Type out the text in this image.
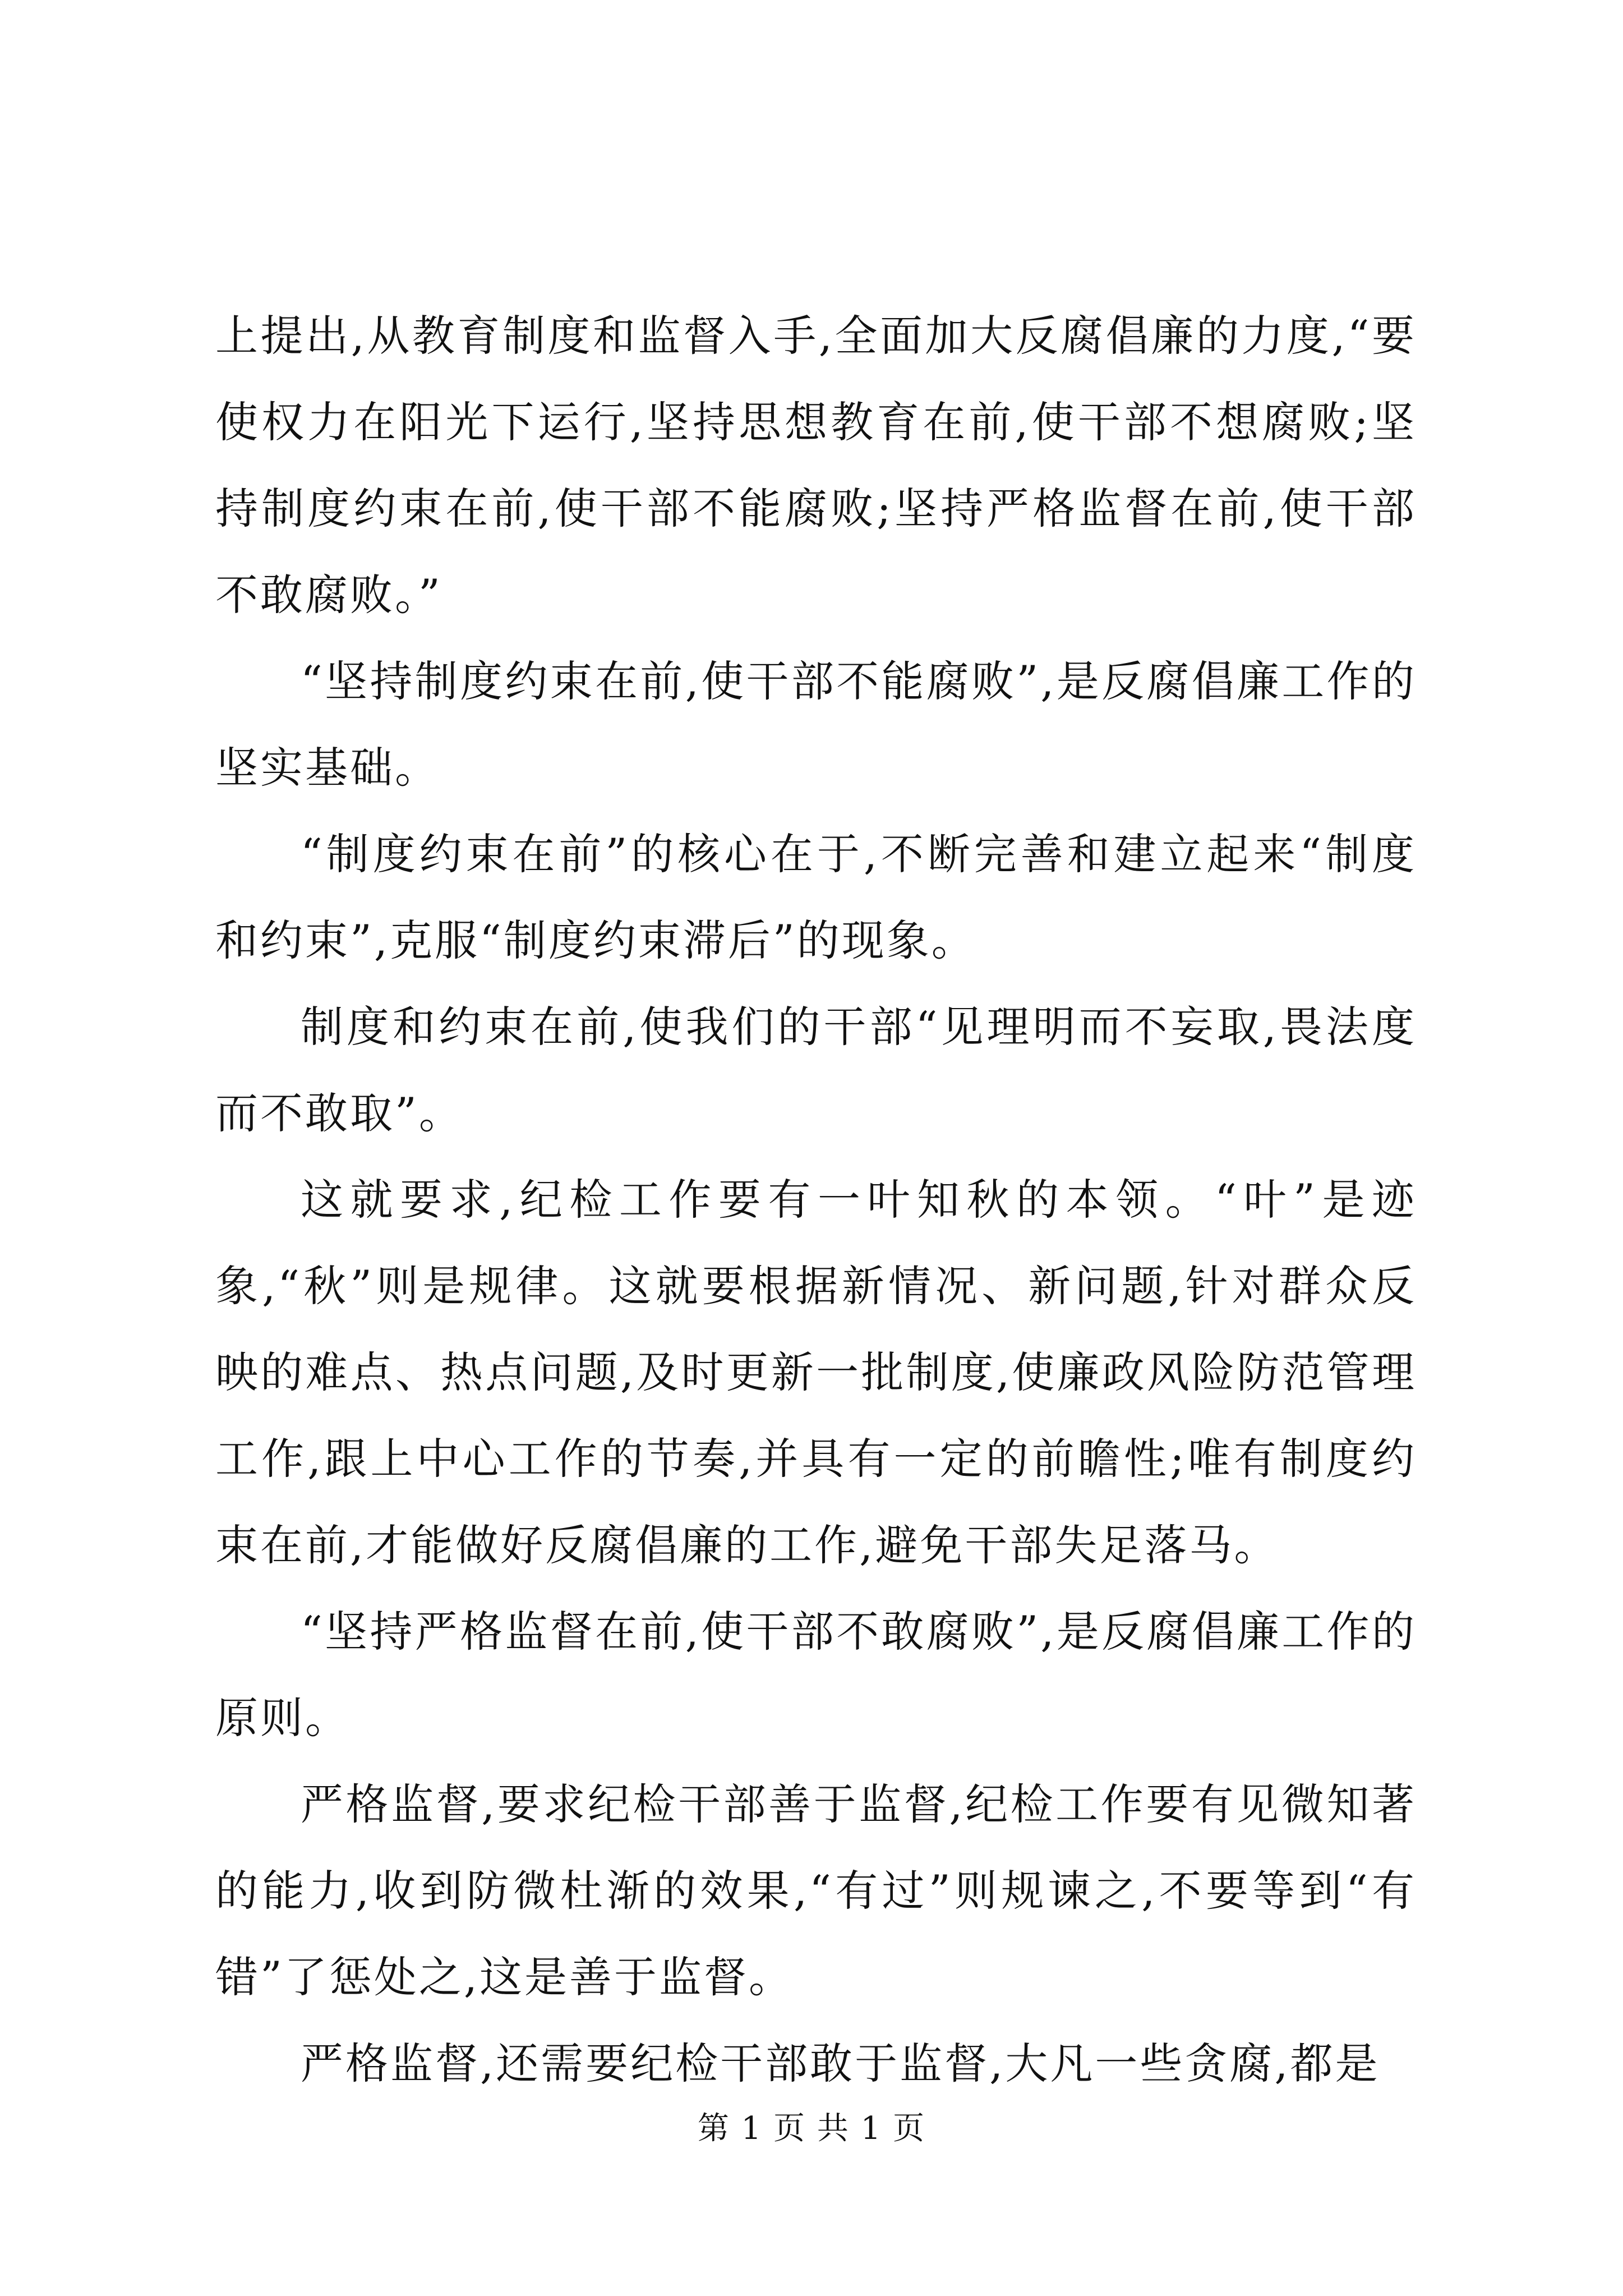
上提出,从教育制度和监督入手,全面加大反腐倡廉的力度,“要使权力在阳光下运行,坚持思想教育在前,使干部不想腐败;坚持制度约束在前,使干部不能腐败;坚持严格监督在前,使干部不敢腐败。”

“坚持制度约束在前,使干部不能腐败”,是反腐倡廉工作的坚实基础。

“制度约束在前”的核心在于,不断完善和建立起来“制度和约束”,克服“制度约束滞后”的现象。

制度和约束在前,使我们的干部“见理明而不妄取,畏法度而不敢取”。

这就要求,纪检工作要有一叶知秋的本领。“叶”是迹象,“秋”则是规律。这就要根据新情况、新问题,针对群众反映的难点、热点问题,及时更新一批制度,使廉政风险防范管理工作,跟上中心工作的节奏,并具有一定的前瞻性;唯有制度约束在前,才能做好反腐倡廉的工作,避免干部失足落马。

“坚持严格监督在前,使干部不敢腐败”,是反腐倡廉工作的原则。

严格监督,要求纪检干部善于监督,纪检工作要有见微知著的能力,收到防微杜渐的效果,“有过”则规谏之,不要等到“有错”了惩处之,这是善于监督。

严格监督,还需要纪检干部敢于监督,大凡一些贪腐,都是

第 1 页 共 1 页
